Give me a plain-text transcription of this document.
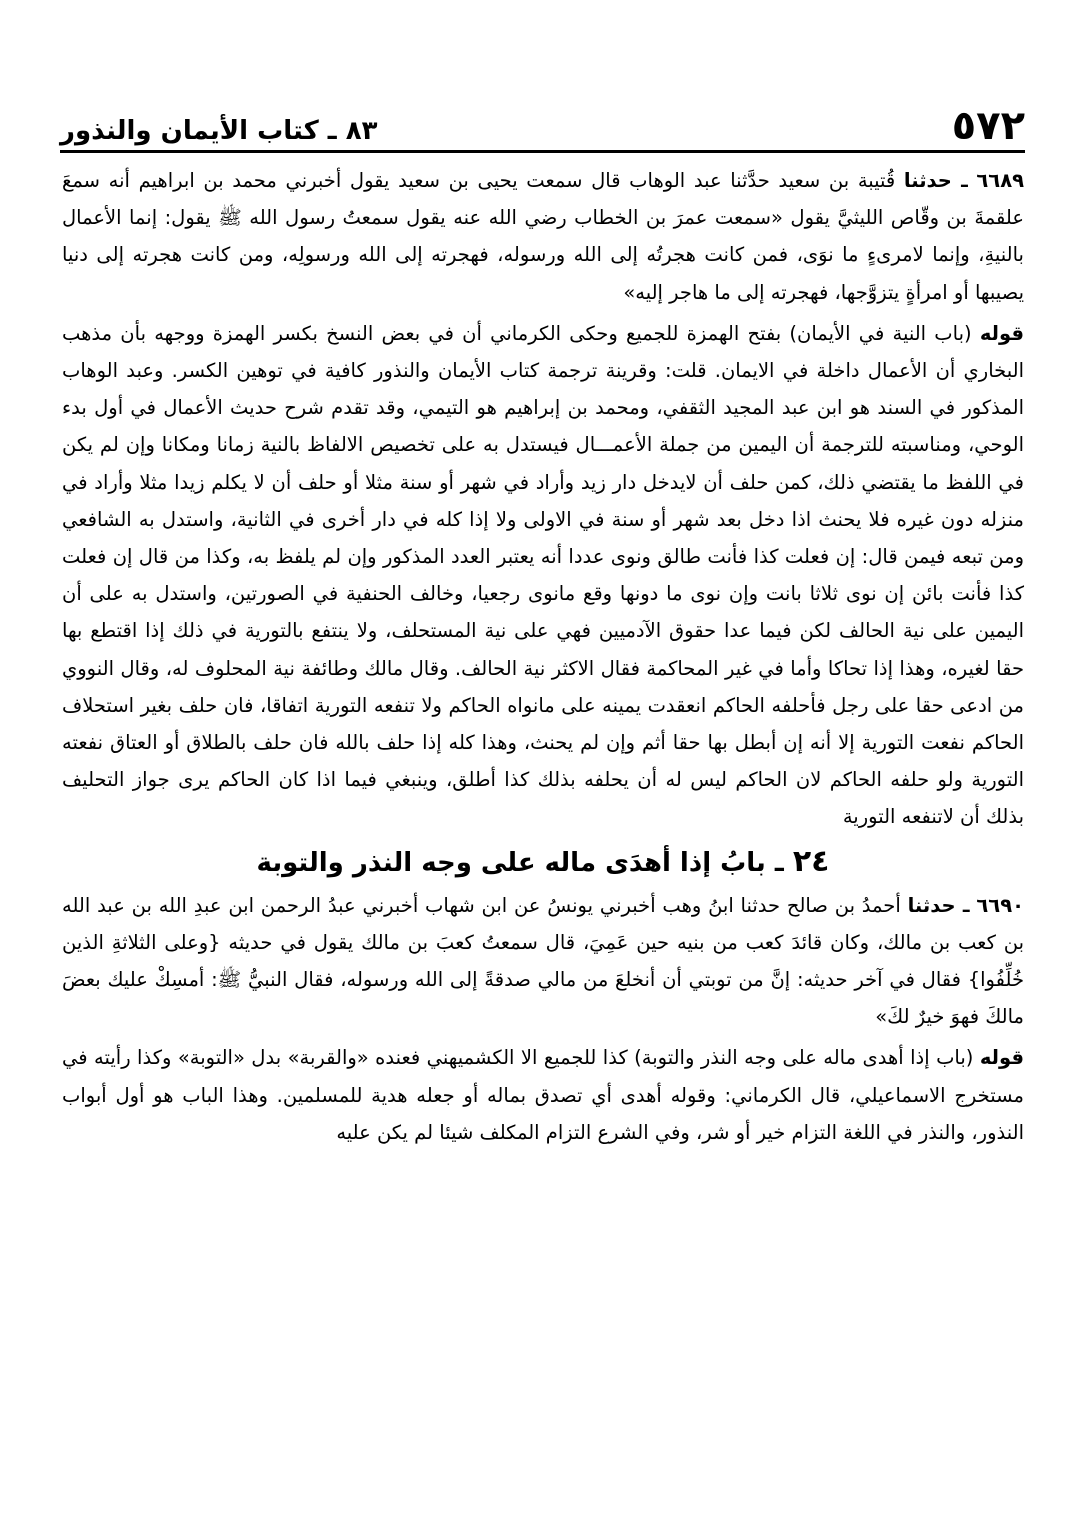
٥٧٢
٨٣ ـ كتاب الأيمان والنذور

٦٦٨٩ ـ حدثنا قُتيبة بن سعيد حدَّثنا عبد الوهاب قال سمعت يحيى بن سعيد يقول أخبرني محمد بن ابراهيم أنه سمعَ علقمةَ بن وقّاص الليثيَّ يقول «سمعت عمرَ بن الخطاب رضي الله عنه يقول سمعتُ رسول الله ﷺ يقول: إنما الأعمال بالنيةِ، وإنما لامرىءٍ ما نوَى، فمن كانت هجرتُه إلى الله ورسوله، فهجرته إلى الله ورسولِه، ومن كانت هجرته إلى دنيا يصيبها أو امرأةٍ يتزوَّجها، فهجرته إلى ما هاجر إليه»

قوله (باب النية في الأيمان) بفتح الهمزة للجميع وحكى الكرماني أن في بعض النسخ بكسر الهمزة ووجهه بأن مذهب البخاري أن الأعمال داخلة في الايمان. قلت: وقرينة ترجمة كتاب الأيمان والنذور كافية في توهين الكسر. وعبد الوهاب المذكور في السند هو ابن عبد المجيد الثقفي، ومحمد بن إبراهيم هو التيمي، وقد تقدم شرح حديث الأعمال في أول بدء الوحي، ومناسبته للترجمة أن اليمين من جملة الأعمـــال فيستدل به على تخصيص الالفاظ بالنية زمانا ومكانا وإن لم يكن في اللفظ ما يقتضي ذلك، كمن حلف أن لايدخل دار زيد وأراد في شهر أو سنة مثلا أو حلف أن لا يكلم زيدا مثلا وأراد في منزله دون غيره فلا يحنث اذا دخل بعد شهر أو سنة في الاولى ولا إذا كله في دار أخرى في الثانية، واستدل به الشافعي ومن تبعه فيمن قال: إن فعلت كذا فأنت طالق ونوى عددا أنه يعتبر العدد المذكور وإن لم يلفظ به، وكذا من قال إن فعلت كذا فأنت بائن إن نوى ثلاثا بانت وإن نوى ما دونها وقع مانوى رجعيا، وخالف الحنفية في الصورتين، واستدل به على أن اليمين على نية الحالف لكن فيما عدا حقوق الآدميين فهي على نية المستحلف، ولا ينتفع بالتورية في ذلك إذا اقتطع بها حقا لغيره، وهذا إذا تحاكا وأما في غير المحاكمة فقال الاكثر نية الحالف. وقال مالك وطائفة نية المحلوف له، وقال النووي من ادعى حقا على رجل فأحلفه الحاكم انعقدت يمينه على مانواه الحاكم ولا تنفعه التورية اتفاقا، فان حلف بغير استحلاف الحاكم نفعت التورية إلا أنه إن أبطل بها حقا أثم وإن لم يحنث، وهذا كله إذا حلف بالله فان حلف بالطلاق أو العتاق نفعته التورية ولو حلفه الحاكم لان الحاكم ليس له أن يحلفه بذلك كذا أطلق، وينبغي فيما اذا كان الحاكم يرى جواز التحليف بذلك أن لاتنفعه التورية

٢٤ ـ بابُ إذا أهدَى ماله على وجه النذر والتوبة

٦٦٩٠ ـ حدثنا أحمدُ بن صالح حدثنا ابنُ وهب أخبرني يونسُ عن ابن شهاب أخبرني عبدُ الرحمن ابن عبدِ الله بن عبد الله بن كعب بن مالك، وكان قائدَ كعب من بنيه حين عَمِيَ، قال سمعتُ كعبَ بن مالك يقول في حديثه {وعلى الثلاثةِ الذين خُلِّفُوا} فقال في آخر حديثه: إنَّ من توبتي أن أنخلعَ من مالي صدقةً إلى الله ورسوله، فقال النبيُّ ﷺ: أمسِكْ عليك بعضَ مالكَ فهوَ خيرٌ لكَ»

قوله (باب إذا أهدى ماله على وجه النذر والتوبة) كذا للجميع الا الكشميهني فعنده «والقربة» بدل «التوبة» وكذا رأيته في مستخرج الاسماعيلي، قال الكرماني: وقوله أهدى أي تصدق بماله أو جعله هدية للمسلمين. وهذا الباب هو أول أبواب النذور، والنذر في اللغة التزام خير أو شر، وفي الشرع التزام المكلف شيئا لم يكن عليه
